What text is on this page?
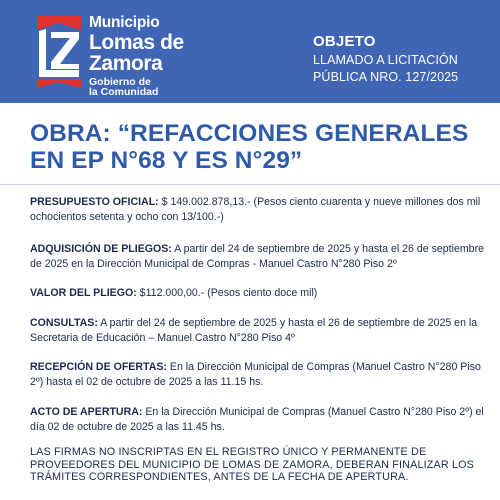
Municipio
Lomas de
Zamora
Gobierno de
la Comunidad
OBJETO
LLAMADO A LICITACIÓN
PÚBLICA NRO. 127/2025
OBRA: “REFACCIONES GENERALES
EN EP N°68 Y ES N°29”

PRESUPUESTO OFICIAL: $ 149.002.878,13.- (Pesos ciento cuarenta y nueve millones dos mil ochocientos setenta y ocho con 13/100.-)

ADQUISICIÓN DE PLIEGOS: A partir del 24 de septiembre de 2025 y hasta el 26 de septiembre de 2025 en la Dirección Municipal de Compras - Manuel Castro N°280 Piso 2º

VALOR DEL PLIEGO: $112.000,00.- (Pesos ciento doce mil)

CONSULTAS: A partir del 24 de septiembre de 2025 y hasta el 26 de septiembre de 2025 en la Secretaria de Educación – Manuel Castro N°280 Piso 4º

RECEPCIÓN DE OFERTAS: En la Dirección Municipal de Compras (Manuel Castro N°280 Piso 2º) hasta el 02 de octubre de 2025 a las 11.15 hs.

ACTO DE APERTURA: En la Dirección Municipal de Compras (Manuel Castro N°280 Piso 2º) el día 02 de octubre de 2025 a las 11.45 hs.

LAS FIRMAS NO INSCRIPTAS EN EL REGISTRO ÚNICO Y PERMANENTE DE PROVEEDORES DEL MUNICIPIO DE LOMAS DE ZAMORA, DEBERAN FINALIZAR LOS TRÁMITES CORRESPONDIENTES, ANTES DE LA FECHA DE APERTURA.
